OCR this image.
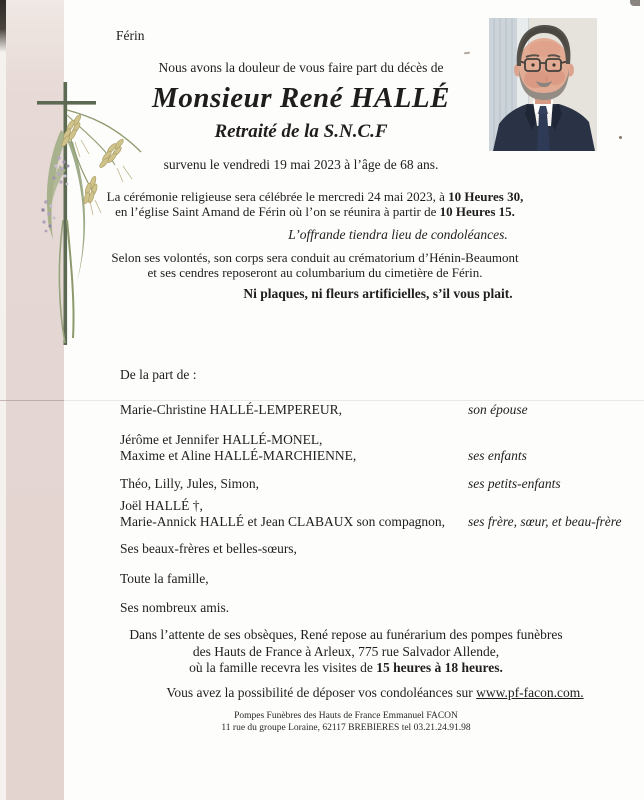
Férin
Nous avons la douleur de vous faire part du décès de
Monsieur René HALLÉ
Retraité de la S.N.C.F
survenu le vendredi 19 mai 2023 à l’âge de 68 ans.
La cérémonie religieuse sera célébrée le mercredi 24 mai 2023, à 10 Heures 30,
en l’église Saint Amand de Férin où l’on se réunira à partir de 10 Heures 15.
L’offrande tiendra lieu de condoléances.
Selon ses volontés, son corps sera conduit au crématorium d’Hénin-Beaumont
et ses cendres reposeront au columbarium du cimetière de Férin.
Ni plaques, ni fleurs artificielles, s’il vous plait.
De la part de :
Marie-Christine HALLÉ-LEMPEREUR,	son épouse
Jérôme et Jennifer HALLÉ-MONEL,
Maxime et Aline HALLÉ-MARCHIENNE,	ses enfants
Théo, Lilly, Jules, Simon,	ses petits-enfants
Joël HALLÉ †,
Marie-Annick HALLÉ et Jean CLABAUX son compagnon,	ses frère, sœur, et beau-frère
Ses beaux-frères et belles-sœurs,
Toute la famille,
Ses nombreux amis.
Dans l’attente de ses obsèques, René repose au funérarium des pompes funèbres
des Hauts de France à Arleux, 775 rue Salvador Allende,
où la famille recevra les visites de 15 heures à 18 heures.
Vous avez la possibilité de déposer vos condoléances sur www.pf-facon.com.
Pompes Funèbres des Hauts de France Emmanuel FACON
11 rue du groupe Loraine, 62117 BREBIERES tel 03.21.24.91.98
